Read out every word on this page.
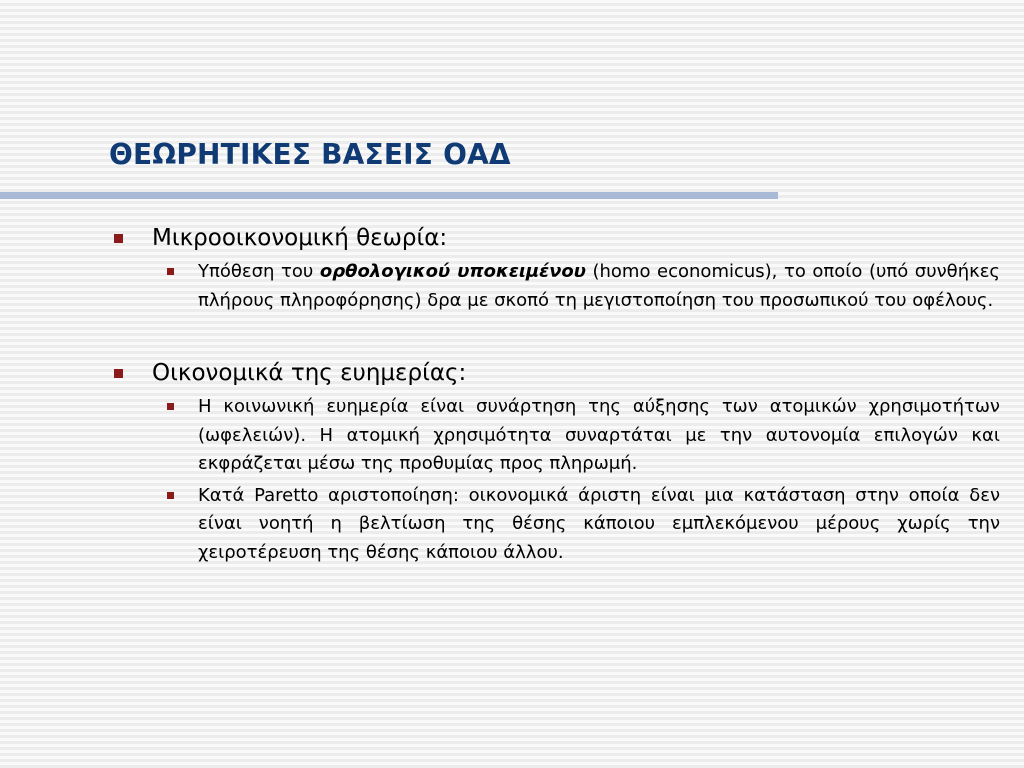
ΘΕΩΡΗΤΙΚΕΣ ΒΑΣΕΙΣ ΟΑΔ
Μικροοικονομική θεωρία:
Υπόθεση του ορθολογικού υποκειμένου (homo economicus), το οποίο (υπό συνθήκες πλήρους πληροφόρησης) δρα με σκοπό τη μεγιστοποίηση του προσωπικού του οφέλους.
Οικονομικά της ευημερίας:
Η κοινωνική ευημερία είναι συνάρτηση της αύξησης των ατομικών χρησιμοτήτων (ωφελειών). Η ατομική χρησιμότητα συναρτάται με την αυτονομία επιλογών και εκφράζεται μέσω της προθυμίας προς πληρωμή.
Κατά Paretto αριστοποίηση: οικονομικά άριστη είναι μια κατάσταση στην οποία δεν είναι νοητή η βελτίωση της θέσης κάποιου εμπλεκόμενου μέρους χωρίς την χειροτέρευση της θέσης κάποιου άλλου.
